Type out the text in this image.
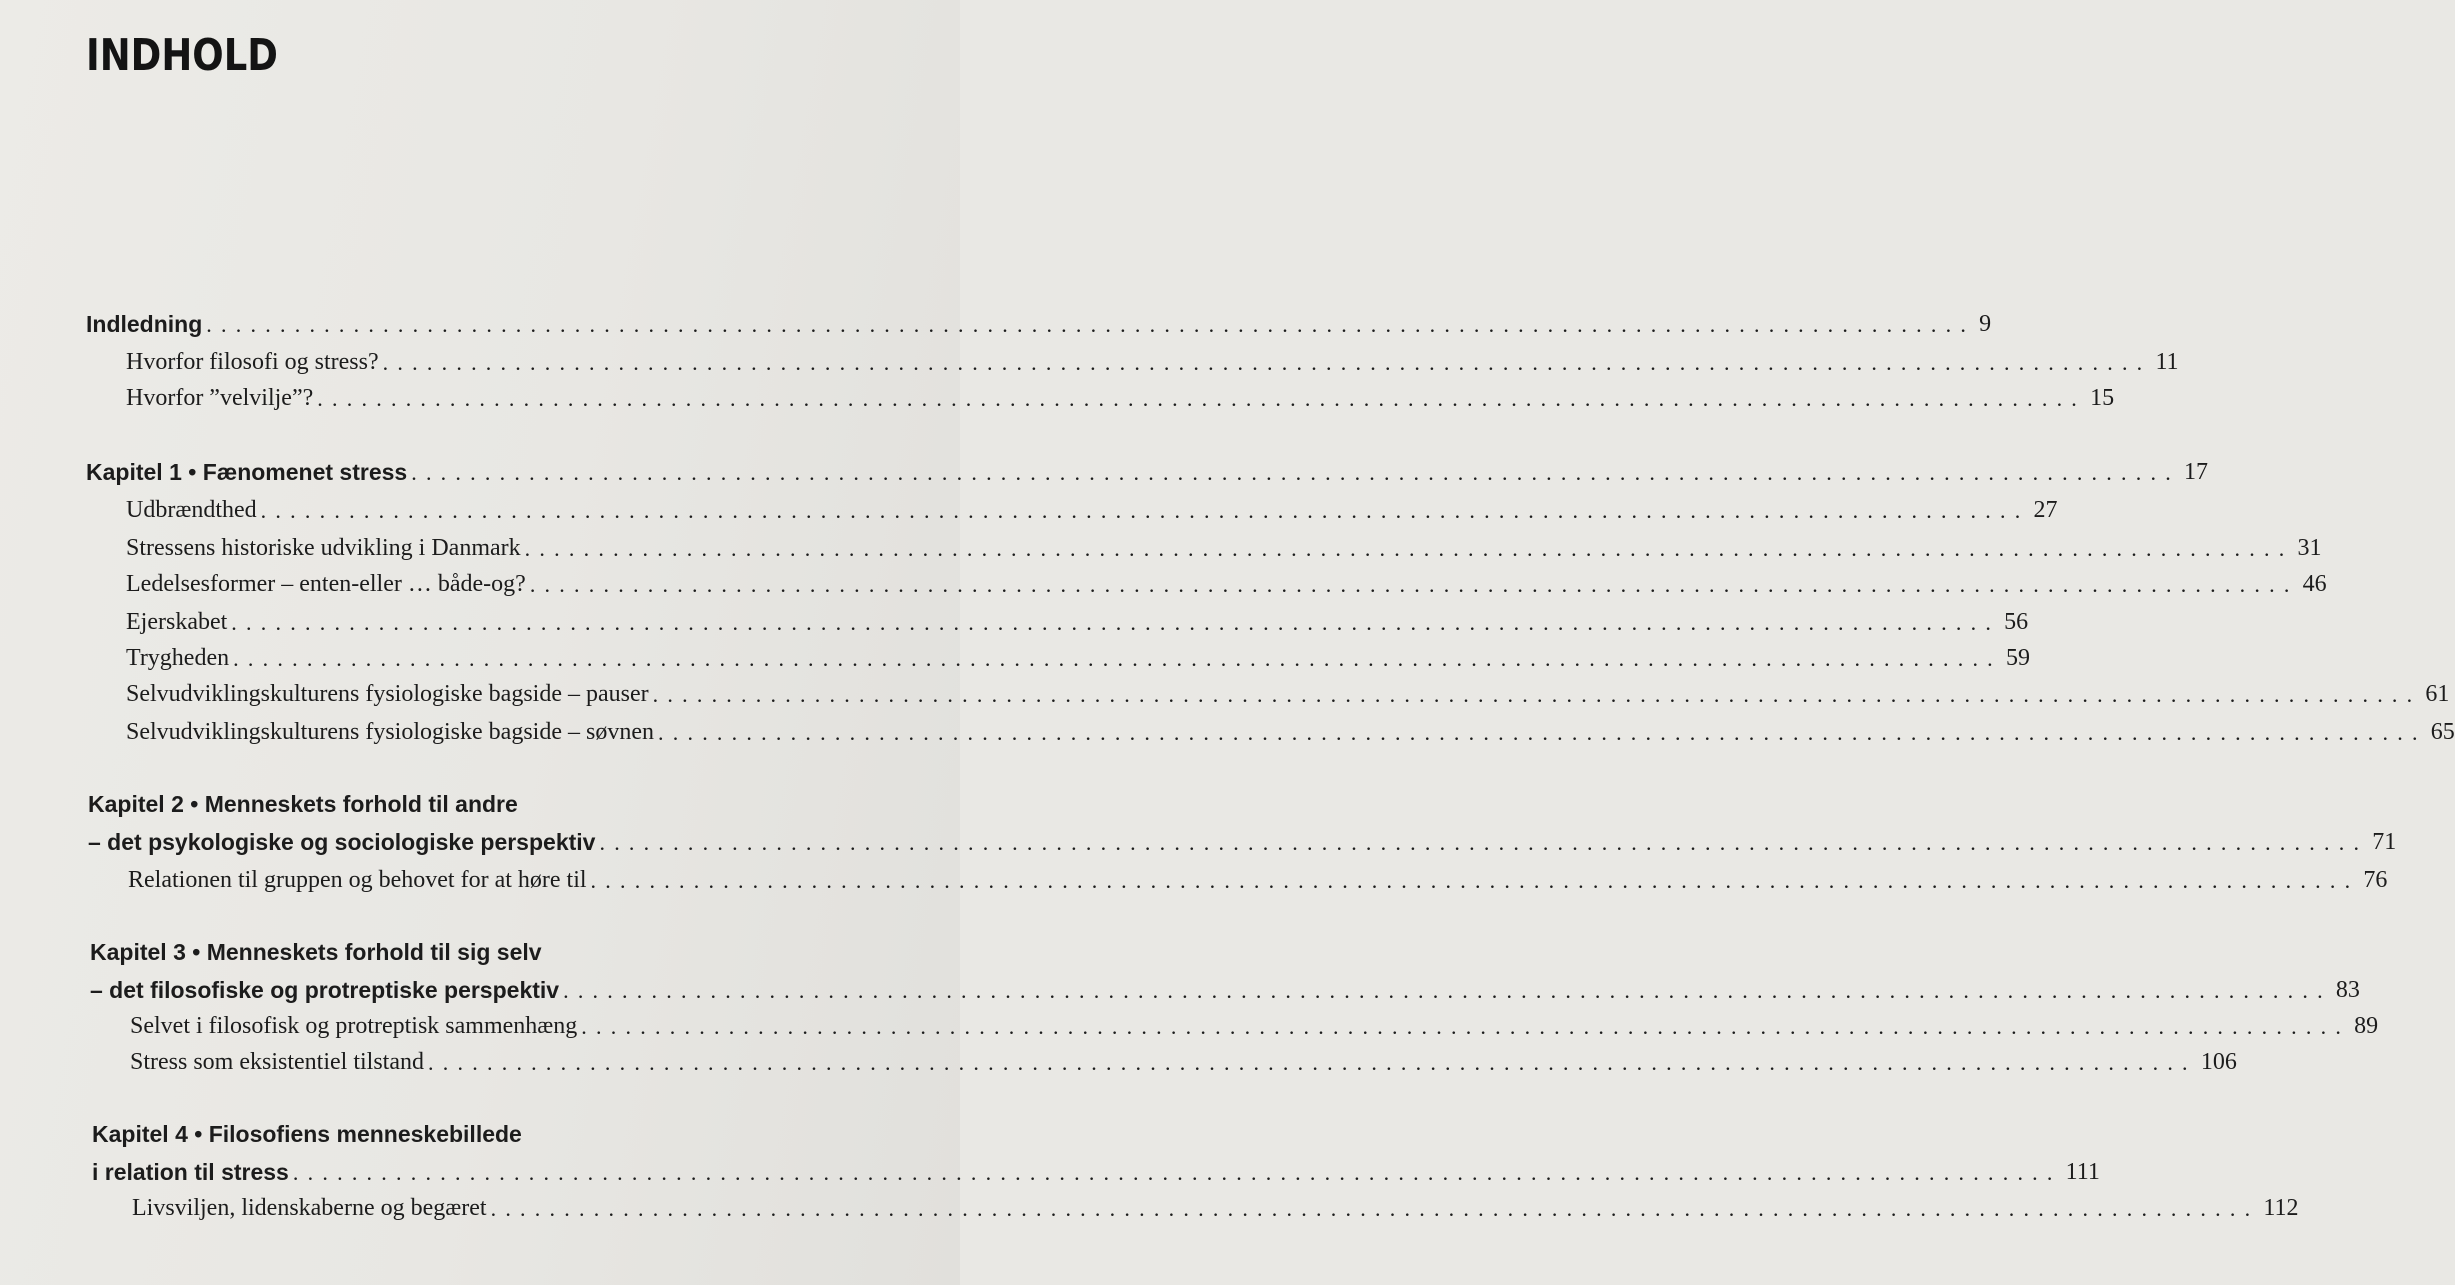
INDHOLD
Indledning ........................................................................................................................ 9
Hvorfor filosofi og stress? ........................................................................................................................ 11
Hvorfor ”velvilje”? ........................................................................................................................ 15
Kapitel 1 • Fænomenet stress ........................................................................................................................ 17
Udbrændthed ........................................................................................................................ 27
Stressens historiske udvikling i Danmark ........................................................................................................................ 31
Ledelsesformer – enten-eller … både-og? ........................................................................................................................ 46
Ejerskabet ........................................................................................................................ 56
Trygheden ........................................................................................................................ 59
Selvudviklingskulturens fysiologiske bagside – pauser ........................................................................................................................ 61
Selvudviklingskulturens fysiologiske bagside – søvnen ........................................................................................................................ 65
Kapitel 2 • Menneskets forhold til andre
– det psykologiske og sociologiske perspektiv ........................................................................................................................ 71
Relationen til gruppen og behovet for at høre til ........................................................................................................................ 76
Kapitel 3 • Menneskets forhold til sig selv
– det filosofiske og protreptiske perspektiv ........................................................................................................................ 83
Selvet i filosofisk og protreptisk sammenhæng ........................................................................................................................ 89
Stress som eksistentiel tilstand ........................................................................................................................ 106
Kapitel 4 • Filosofiens menneskebillede
i relation til stress ........................................................................................................................ 111
Livsviljen, lidenskaberne og begæret ........................................................................................................................ 112
